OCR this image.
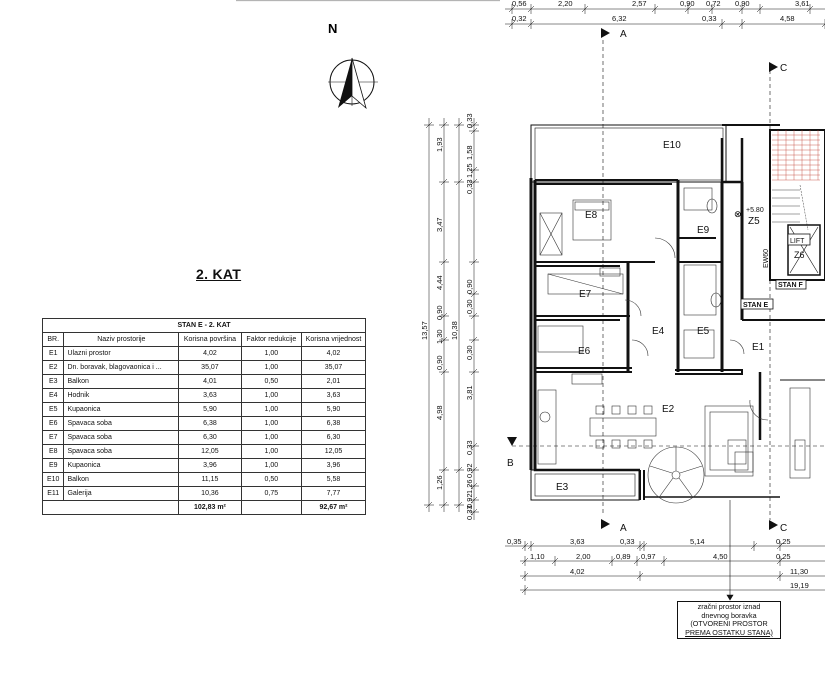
2. KAT
STAN E - 2. KAT				
BR.	Naziv prostorije	Korisna površina	Faktor redukcije	Korisna vrijednost
E1	Ulazni prostor	4,02	1,00	4,02
E2	Dn. boravak, blagovaonica i ...	35,07	1,00	35,07
E3	Balkon	4,01	0,50	2,01
E4	Hodnik	3,63	1,00	3,63
E5	Kupaonica	5,90	1,00	5,90
E6	Spavaca soba	6,38	1,00	6,38
E7	Spavaca soba	6,30	1,00	6,30
E8	Spavaca soba	12,05	1,00	12,05
E9	Kupaonica	3,96	1,00	3,96
E10	Balkon	11,15	0,50	5,58
E11	Galerija	10,36	0,75	7,77
		102,83 m²		92,67 m²
N	A
A
C
C
B
E10
E8
E9
E7
E4	E5
E6	E1
E2
E3
Z5
+5.80
⊗
Z6
LIFT
EW60
STAN E
STAN F
0,56	2,20	2,57	0,90 0,72 0,90	3,61
0,32	6,32	0,33	4,58
0,35	3,63	0,33	5,14	0,25
1,10	2,00	0,89 0,97	4,50	0,25
4,02	11,30
19,19
1,93
3,47
4,44
0,90
1,30
0,90
4,98
1,26
13,57	10,38
0,33
1,58
1,25
0,33
0,90
0,30
0,30
3,81
0,33
0,92
1,26
0,92
0,33
zračni prostor iznad
dnevnog boravka
(OTVORENI PROSTOR
PREMA OSTATKU STANA)
